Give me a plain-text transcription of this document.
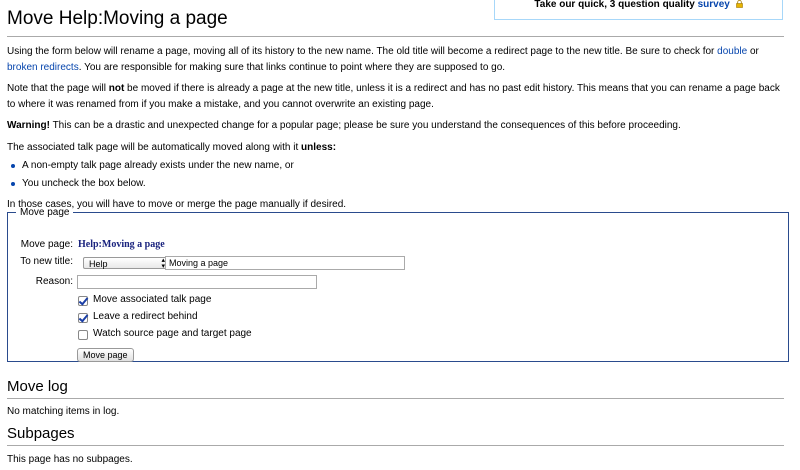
Take our quick, 3 question quality survey
Move Help:Moving a page

Using the form below will rename a page, moving all of its history to the new name. The old title will become a redirect page to the new title. Be sure to check for double or broken redirects. You are responsible for making sure that links continue to point where they are supposed to go.

Note that the page will not be moved if there is already a page at the new title, unless it is a redirect and has no past edit history. This means that you can rename a page back to where it was renamed from if you make a mistake, and you cannot overwrite an existing page.

Warning! This can be a drastic and unexpected change for a popular page; please be sure you understand the consequences of this before proceeding.

The associated talk page will be automatically moved along with it unless:

A non-empty talk page already exists under the new name, or
You uncheck the box below.

In those cases, you will have to move or merge the page manually if desired.

Move page
Move page: Help:Moving a page
To new title:	Help	▴
▾ Moving a page
Reason:
Move associated talk page
Leave a redirect behind
Watch source page and target page
Move page
Move log
No matching items in log.
Subpages
This page has no subpages.
